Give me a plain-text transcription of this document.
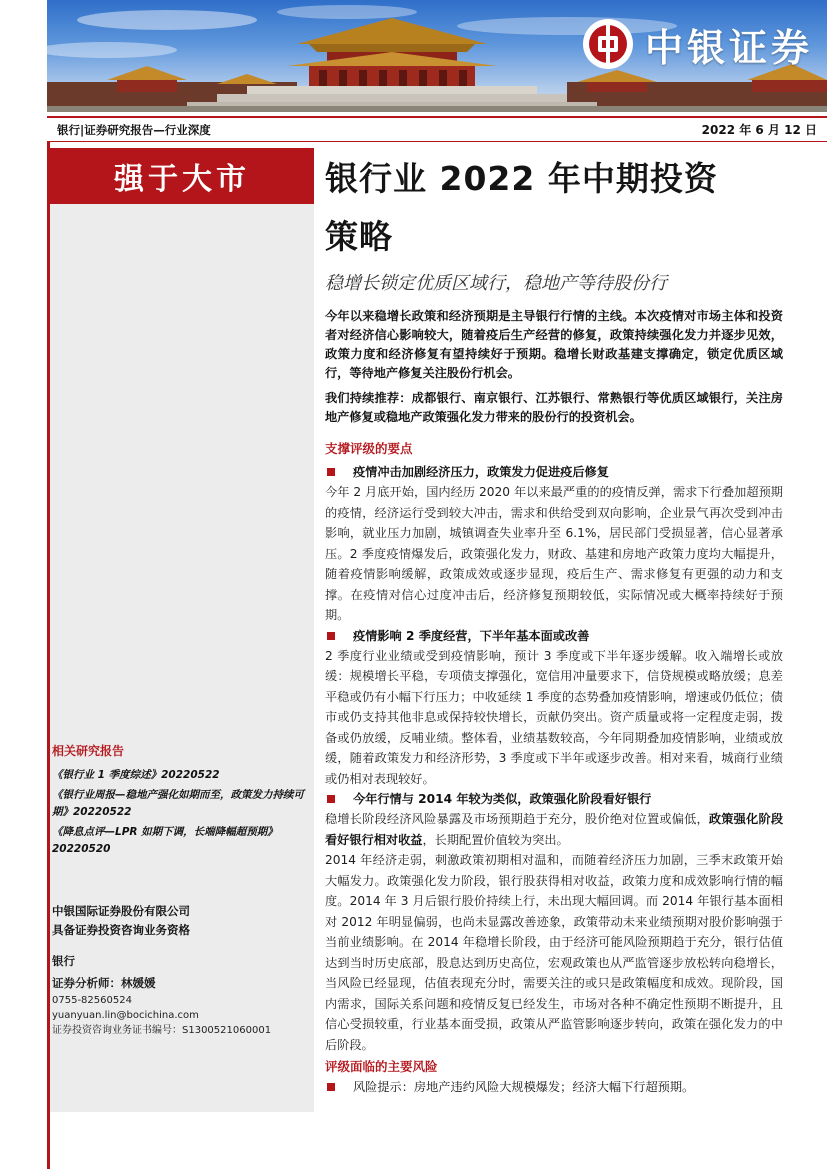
中银证券
银行|证券研究报告—行业深度	2022 年 6 月 12 日
强于大市
相关研究报告
《银行业 1 季度综述》20220522
《银行业周报—稳地产强化如期而至，政策发力持续可期》20220522
《降息点评—LPR 如期下调，长端降幅超预期》20220520
中银国际证券股份有限公司
具备证券投资咨询业务资格
银行
证券分析师：林媛媛
0755-82560524
yuanyuan.lin@bocichina.com
证券投资咨询业务证书编号：S1300521060001
银行业 2022 年中期投资
策略
稳增长锁定优质区域行，稳地产等待股份行

今年以来稳增长政策和经济预期是主导银行行情的主线。本次疫情对市场主体和投资者对经济信心影响较大，随着疫后生产经营的修复，政策持续强化发力并逐步见效，政策力度和经济修复有望持续好于预期。稳增长财政基建支撑确定，锁定优质区域行，等待地产修复关注股份行机会。

我们持续推荐：成都银行、南京银行、江苏银行、常熟银行等优质区域银行，关注房地产修复或稳地产政策强化发力带来的股份行的投资机会。

支撑评级的要点
疫情冲击加剧经济压力，政策发力促进疫后修复

今年 2 月底开始，国内经历 2020 年以来最严重的的疫情反弹，需求下行叠加超预期的疫情，经济运行受到较大冲击，需求和供给受到双向影响，企业景气再次受到冲击影响，就业压力加剧，城镇调查失业率升至 6.1%，居民部门受损显著，信心显著承压。2 季度疫情爆发后，政策强化发力，财政、基建和房地产政策力度均大幅提升，随着疫情影响缓解，政策成效或逐步显现，疫后生产、需求修复有更强的动力和支撑。在疫情对信心过度冲击后，经济修复预期较低，实际情况或大概率持续好于预期。

疫情影响 2 季度经营，下半年基本面或改善

2 季度行业业绩或受到疫情影响，预计 3 季度或下半年逐步缓解。收入端增长或放缓：规模增长平稳，专项债支撑强化，宽信用冲量要求下，信贷规模或略放缓；息差平稳或仍有小幅下行压力；中收延续 1 季度的态势叠加疫情影响，增速或仍低位；债市或仍支持其他非息或保持较快增长，贡献仍突出。资产质量或将一定程度走弱，拨备或仍放缓，反哺业绩。整体看，业绩基数较高，今年同期叠加疫情影响，业绩或放缓，随着政策发力和经济形势，3 季度或下半年或逐步改善。相对来看，城商行业绩或仍相对表现较好。

今年行情与 2014 年较为类似，政策强化阶段看好银行

稳增长阶段经济风险暴露及市场预期趋于充分，股价绝对位置或偏低，政策强化阶段看好银行相对收益，长期配置价值较为突出。

2014 年经济走弱，刺激政策初期相对温和，而随着经济压力加剧，三季末政策开始大幅发力。政策强化发力阶段，银行股获得相对收益，政策力度和成效影响行情的幅度。2014 年 3 月后银行股价持续上行，未出现大幅回调。而 2014 年银行基本面相对 2012 年明显偏弱，也尚未显露改善迹象，政策带动未来业绩预期对股价影响强于当前业绩影响。在 2014 年稳增长阶段，由于经济可能风险预期趋于充分，银行估值达到当时历史底部，股息达到历史高位，宏观政策也从严监管逐步放松转向稳增长，当风险已经显现，估值表现充分时，需要关注的或只是政策幅度和成效。现阶段，国内需求，国际关系问题和疫情反复已经发生，市场对各种不确定性预期不断提升，且信心受损较重，行业基本面受损，政策从严监管影响逐步转向，政策在强化发力的中后阶段。

评级面临的主要风险
风险提示：房地产违约风险大规模爆发；经济大幅下行超预期。
